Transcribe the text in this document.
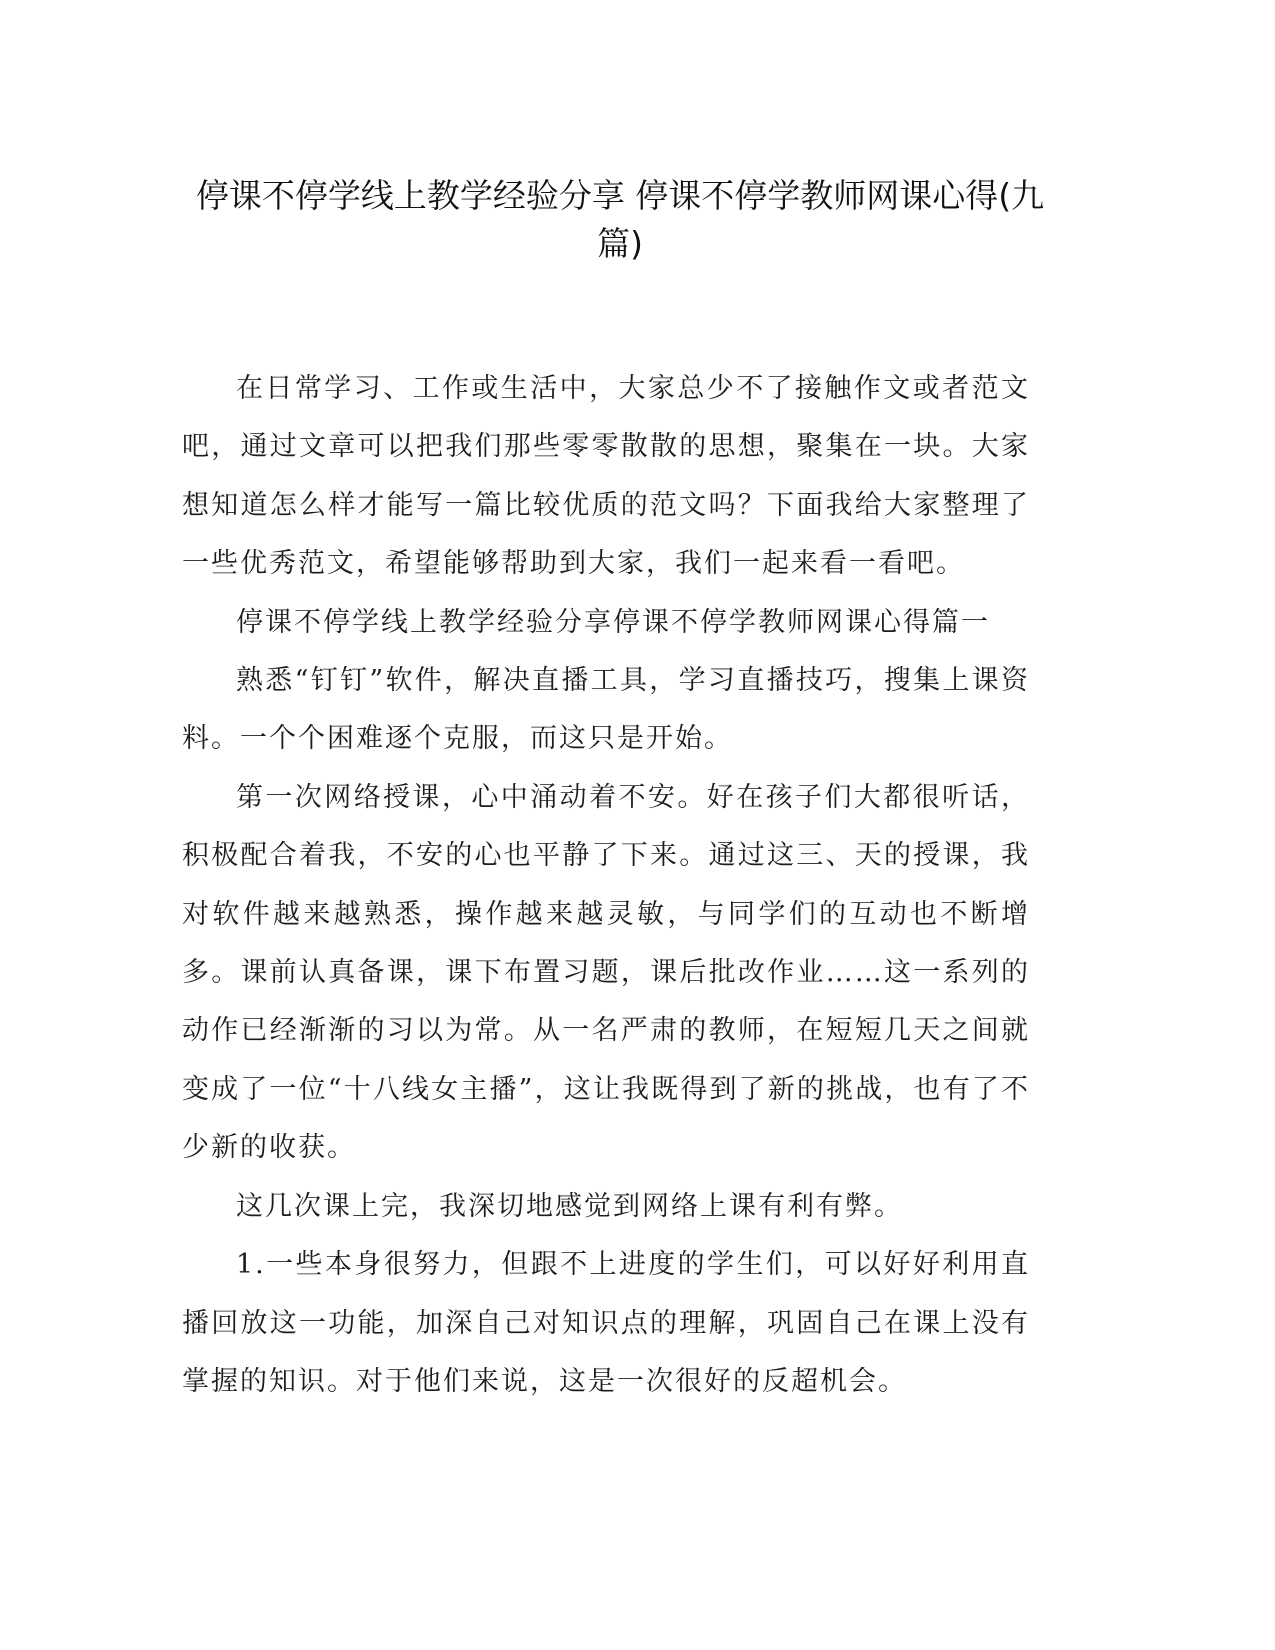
停课不停学线上教学经验分享 停课不停学教师网课心得(九篇)

在日常学习、工作或生活中，大家总少不了接触作文或者范文吧，通过文章可以把我们那些零零散散的思想，聚集在一块。大家想知道怎么样才能写一篇比较优质的范文吗？下面我给大家整理了一些优秀范文，希望能够帮助到大家，我们一起来看一看吧。

停课不停学线上教学经验分享停课不停学教师网课心得篇一

熟悉“钉钉”软件，解决直播工具，学习直播技巧，搜集上课资料。一个个困难逐个克服，而这只是开始。

第一次网络授课，心中涌动着不安。好在孩子们大都很听话，积极配合着我，不安的心也平静了下来。通过这三、天的授课，我对软件越来越熟悉，操作越来越灵敏，与同学们的互动也不断增多。课前认真备课，课下布置习题，课后批改作业……这一系列的动作已经渐渐的习以为常。从一名严肃的教师，在短短几天之间就变成了一位“十八线女主播”，这让我既得到了新的挑战，也有了不少新的收获。

这几次课上完，我深切地感觉到网络上课有利有弊。

1.一些本身很努力，但跟不上进度的学生们，可以好好利用直播回放这一功能，加深自己对知识点的理解，巩固自己在课上没有掌握的知识。对于他们来说，这是一次很好的反超机会。
